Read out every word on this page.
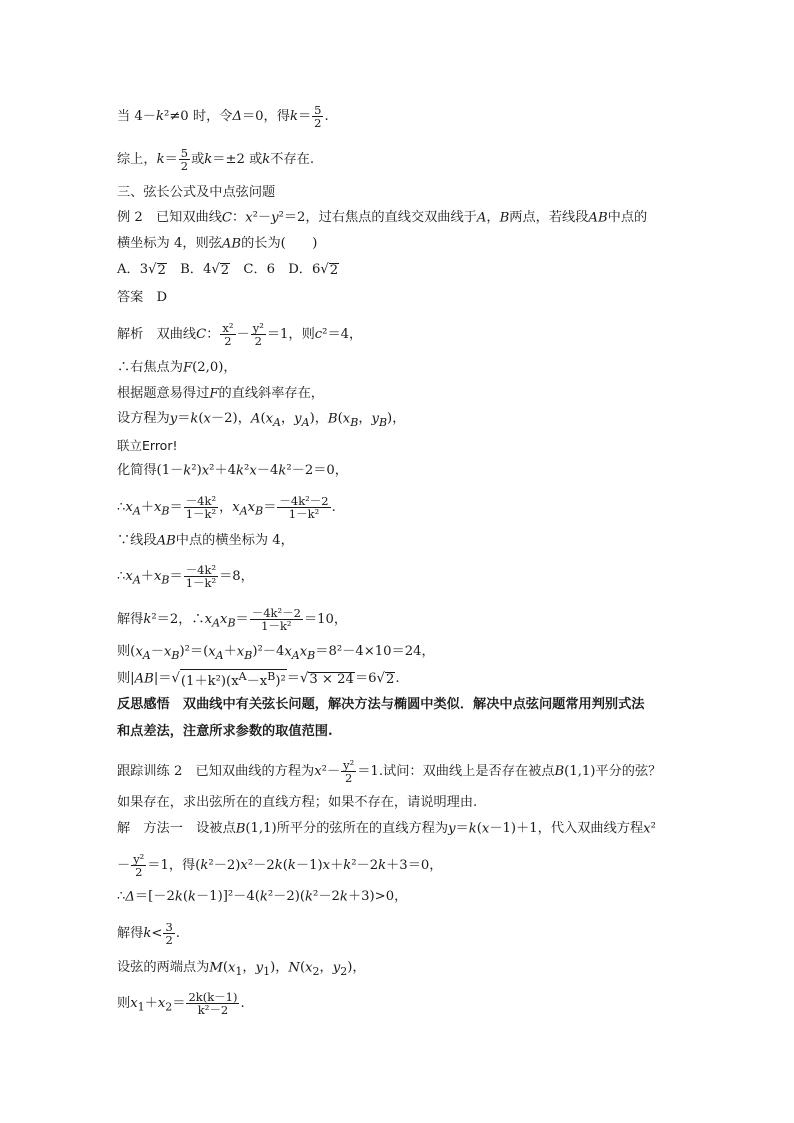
当 4－k²≠0 时，令Δ＝0，得$k= \frac{5}{2}$ .
综上，$k= \frac{5}{2}$ 或k＝±2 或k不存在.
三、弦长公式及中点弦问题
例 2　已知双曲线C：x²－y²＝2，过右焦点的直线交双曲线于A，B两点，若线段AB中点的
横坐标为 4，则弦AB的长为(　　)
A．3√2　B．4√2　C．6　D．6√2
答案　D
解析　双曲线C： $\frac{\text{x²}}{2} - \frac{\text{y²}}{2} =1$，则c²＝4，
∴右焦点为F(2,0)，
根据题意易得过F的直线斜率存在，
设方程为y＝k(x－2)，$A(x_A$，$y_A$)，$B(x_B$，$y_B$)，
联立Error!
化简得(1－k²)x²＋4k²x－4k²－2＝0，
$\therefore x_A+x_B= \frac{\text{－4k²}}{\text{1－k²}}$ ，$x_Ax_B= \frac{\text{－4k²－2}}{\text{1－k²}}$ .
∵线段AB中点的横坐标为 4，
$\therefore x_A+x_B= \frac{\text{－4k²}}{\text{1－k²}} =8$，
解得k²＝2，$\therefore x_Ax_B= \frac{\text{－4k²－2}}{\text{1－k²}} =10$，
则$(x_A-x_B)^2=(x_A+x_B)^2-4x_Ax_B=8^2-4\times 10=24$，
则$|AB|=√(1+k^2)(x^A-x^B)^2=√3 \times 24=6√2$.
反思感悟　双曲线中有关弦长问题，解决方法与椭圆中类似．解决中点弦问题常用判别式法
和点差法，注意所求参数的取值范围.
跟踪训练 2　已知双曲线的方程为$x^2- \frac{\text{y²}}{2} =1$.试问：双曲线上是否存在被点B(1,1)平分的弦？
如果存在，求出弦所在的直线方程；如果不存在，请说明理由.
解　方法一　设被点B(1,1)所平分的弦所在的直线方程为y＝k(x－1)＋1，代入双曲线方程x²
－ $\frac{\text{y²}}{2} =1$，得(k²－2)x²－2k(k－1)x＋k²－2k＋3＝0，
∴Δ＝[－2k(k－1)]²－4(k²－2)(k²－2k＋3)>0，
解得$k< \frac{3}{2}$ .
设弦的两端点为$M(x_1$，$y_1$)，$N(x_2$，$y_2$)，
则$x_1+x_2= \frac{2k(k-1)}{\text{k²－2}}$ .
